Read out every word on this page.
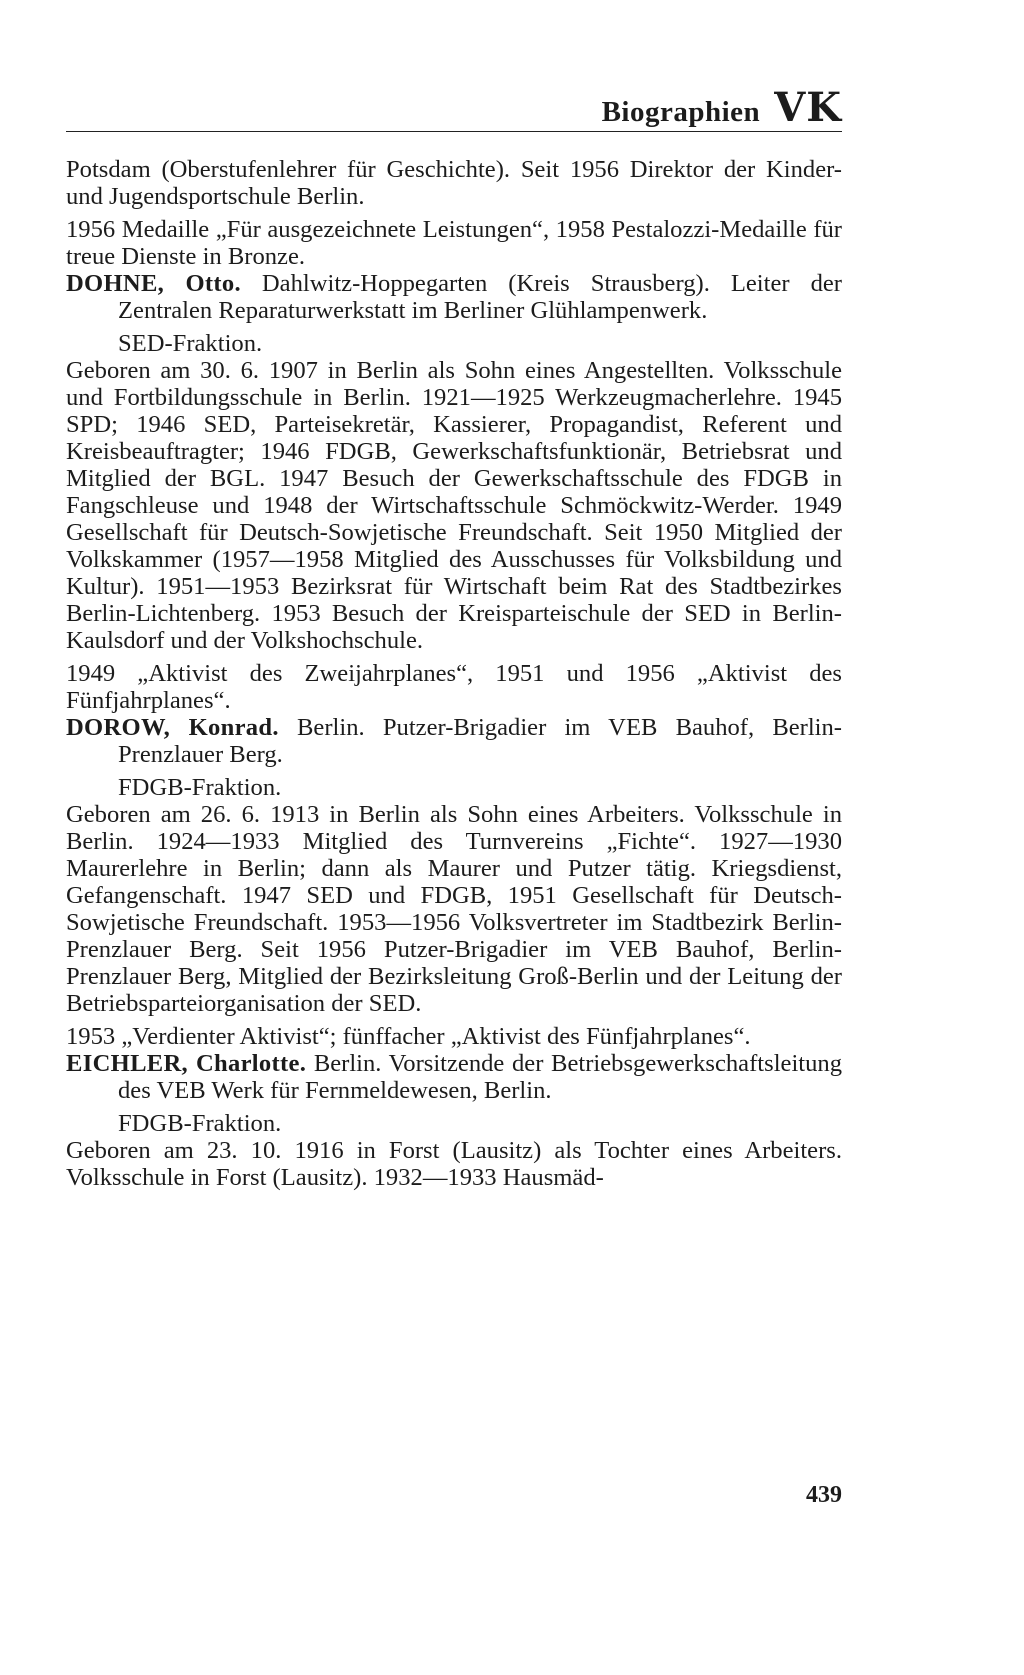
Biographien VK

Potsdam (Oberstufenlehrer für Geschichte). Seit 1956 Direktor der Kinder- und Jugendsportschule Berlin.

1956 Medaille „Für ausgezeichnete Leistungen“, 1958 Pestalozzi-Medaille für treue Dienste in Bronze.

DOHNE, Otto. Dahlwitz-Hoppegarten (Kreis Strausberg). Leiter der Zentralen Reparaturwerkstatt im Berliner Glühlampenwerk.

SED-Fraktion.

Geboren am 30. 6. 1907 in Berlin als Sohn eines Angestellten. Volksschule und Fortbildungsschule in Berlin. 1921—1925 Werkzeugmacherlehre. 1945 SPD; 1946 SED, Parteisekretär, Kassierer, Propagandist, Referent und Kreisbeauftragter; 1946 FDGB, Gewerkschaftsfunktionär, Betriebsrat und Mitglied der BGL. 1947 Besuch der Gewerkschaftsschule des FDGB in Fangschleuse und 1948 der Wirtschaftsschule Schmöckwitz-Werder. 1949 Gesellschaft für Deutsch-Sowjetische Freundschaft. Seit 1950 Mitglied der Volkskammer (1957—1958 Mitglied des Ausschusses für Volksbildung und Kultur). 1951—1953 Bezirksrat für Wirtschaft beim Rat des Stadtbezirkes Berlin-Lichtenberg. 1953 Besuch der Kreisparteischule der SED in Berlin-Kaulsdorf und der Volkshochschule.

1949 „Aktivist des Zweijahrplanes“, 1951 und 1956 „Aktivist des Fünfjahrplanes“.

DOROW, Konrad. Berlin. Putzer-Brigadier im VEB Bauhof, Berlin-Prenzlauer Berg.

FDGB-Fraktion.

Geboren am 26. 6. 1913 in Berlin als Sohn eines Arbeiters. Volksschule in Berlin. 1924—1933 Mitglied des Turnvereins „Fichte“. 1927—1930 Maurerlehre in Berlin; dann als Maurer und Putzer tätig. Kriegsdienst, Gefangenschaft. 1947 SED und FDGB, 1951 Gesellschaft für Deutsch-Sowjetische Freundschaft. 1953—1956 Volksvertreter im Stadtbezirk Berlin-Prenzlauer Berg. Seit 1956 Putzer-Brigadier im VEB Bauhof, Berlin-Prenzlauer Berg, Mitglied der Bezirksleitung Groß-Berlin und der Leitung der Betriebsparteiorganisation der SED.

1953 „Verdienter Aktivist“; fünffacher „Aktivist des Fünfjahrplanes“.

EICHLER, Charlotte. Berlin. Vorsitzende der Betriebsgewerkschaftsleitung des VEB Werk für Fernmeldewesen, Berlin.

FDGB-Fraktion.

Geboren am 23. 10. 1916 in Forst (Lausitz) als Tochter eines Arbeiters. Volksschule in Forst (Lausitz). 1932—1933 Hausmäd-

439
